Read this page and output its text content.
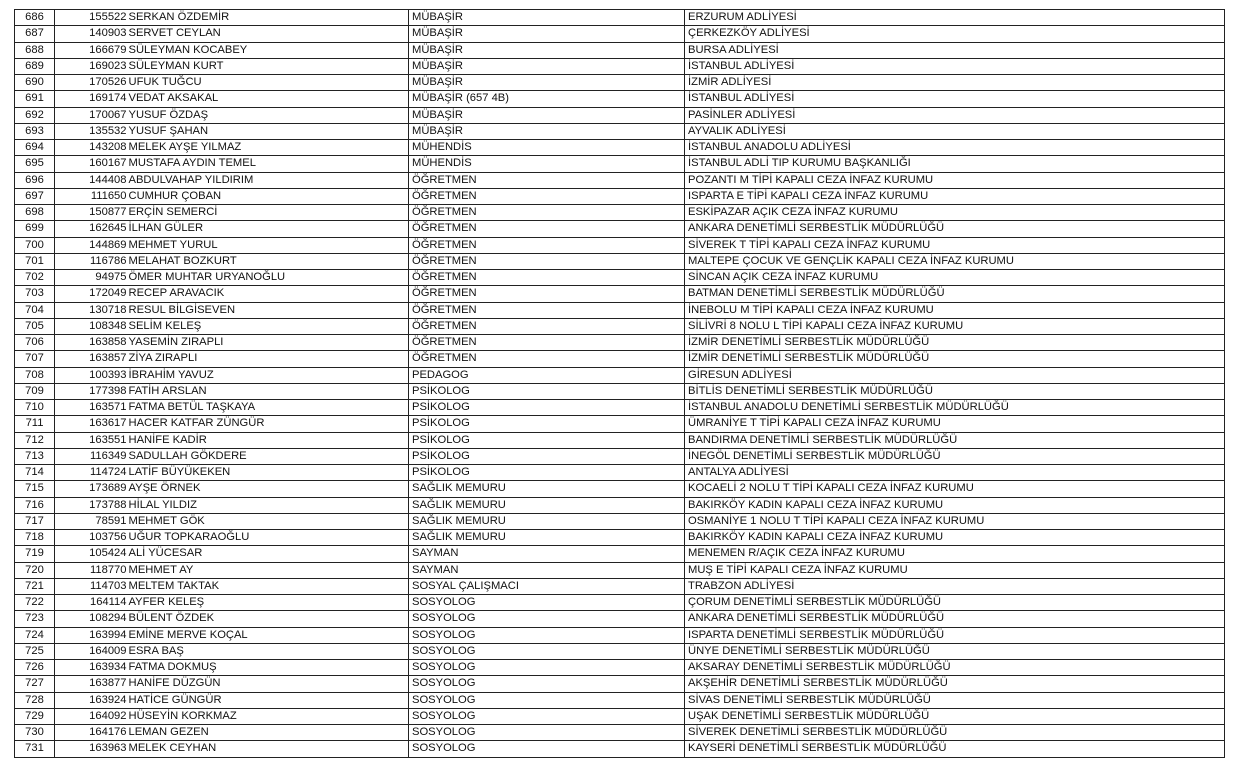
686	155522	SERKAN ÖZDEMİR	MÜBAŞİR	ERZURUM ADLİYESİ
687	140903	SERVET CEYLAN	MÜBAŞİR	ÇERKEZKÖY ADLİYESİ
688	166679	SÜLEYMAN KOCABEY	MÜBAŞİR	BURSA ADLİYESİ
689	169023	SÜLEYMAN KURT	MÜBAŞİR	İSTANBUL ADLİYESİ
690	170526	UFUK TUĞCU	MÜBAŞİR	İZMİR ADLİYESİ
691	169174	VEDAT AKSAKAL	MÜBAŞİR (657 4B)	İSTANBUL ADLİYESİ
692	170067	YUSUF ÖZDAŞ	MÜBAŞİR	PASİNLER ADLİYESİ
693	135532	YUSUF ŞAHAN	MÜBAŞİR	AYVALIK ADLİYESİ
694	143208	MELEK AYŞE YILMAZ	MÜHENDİS	İSTANBUL ANADOLU ADLİYESİ
695	160167	MUSTAFA AYDIN TEMEL	MÜHENDİS	İSTANBUL ADLİ TIP KURUMU BAŞKANLIĞI
696	144408	ABDULVAHAP YILDIRIM	ÖĞRETMEN	POZANTI M TİPİ KAPALI CEZA İNFAZ KURUMU
697	111650	CUMHUR ÇOBAN	ÖĞRETMEN	ISPARTA E TİPİ KAPALI CEZA İNFAZ KURUMU
698	150877	ERÇİN SEMERCİ	ÖĞRETMEN	ESKİPAZAR AÇIK CEZA İNFAZ KURUMU
699	162645	İLHAN GÜLER	ÖĞRETMEN	ANKARA DENETİMLİ SERBESTLİK MÜDÜRLÜĞÜ
700	144869	MEHMET YURUL	ÖĞRETMEN	SİVEREK T TİPİ KAPALI CEZA İNFAZ KURUMU
701	116786	MELAHAT BOZKURT	ÖĞRETMEN	MALTEPE ÇOCUK VE GENÇLİK KAPALI CEZA İNFAZ KURUMU
702	94975	ÖMER MUHTAR URYANOĞLU	ÖĞRETMEN	SİNCAN AÇIK CEZA İNFAZ KURUMU
703	172049	RECEP ARAVACIK	ÖĞRETMEN	BATMAN DENETİMLİ SERBESTLİK MÜDÜRLÜĞÜ
704	130718	RESUL BİLGİSEVEN	ÖĞRETMEN	İNEBOLU M TİPİ KAPALI CEZA İNFAZ KURUMU
705	108348	SELİM KELEŞ	ÖĞRETMEN	SİLİVRİ 8 NOLU L TİPİ KAPALI CEZA İNFAZ KURUMU
706	163858	YASEMİN ZIRAPLI	ÖĞRETMEN	İZMİR DENETİMLİ SERBESTLİK MÜDÜRLÜĞÜ
707	163857	ZİYA ZIRAPLI	ÖĞRETMEN	İZMİR DENETİMLİ SERBESTLİK MÜDÜRLÜĞÜ
708	100393	İBRAHİM YAVUZ	PEDAGOG	GİRESUN ADLİYESİ
709	177398	FATİH ARSLAN	PSİKOLOG	BİTLİS DENETİMLİ SERBESTLİK MÜDÜRLÜĞÜ
710	163571	FATMA BETÜL TAŞKAYA	PSİKOLOG	İSTANBUL ANADOLU DENETİMLİ SERBESTLİK MÜDÜRLÜĞÜ
711	163617	HACER KATFAR ZÜNGÜR	PSİKOLOG	ÜMRANİYE T TİPİ KAPALI CEZA İNFAZ KURUMU
712	163551	HANİFE KADİR	PSİKOLOG	BANDIRMA DENETİMLİ SERBESTLİK MÜDÜRLÜĞÜ
713	116349	SADULLAH GÖKDERE	PSİKOLOG	İNEGÖL DENETİMLİ SERBESTLİK MÜDÜRLÜĞÜ
714	114724	LATİF BÜYÜKEKEN	PSİKOLOG	ANTALYA ADLİYESİ
715	173689	AYŞE ÖRNEK	SAĞLIK MEMURU	KOCAELİ 2 NOLU T TİPİ KAPALI CEZA İNFAZ KURUMU
716	173788	HİLAL YILDIZ	SAĞLIK MEMURU	BAKIRKÖY KADIN KAPALI CEZA İNFAZ KURUMU
717	78591	MEHMET GÖK	SAĞLIK MEMURU	OSMANİYE 1 NOLU T TİPİ KAPALI CEZA İNFAZ KURUMU
718	103756	UĞUR TOPKARAOĞLU	SAĞLIK MEMURU	BAKIRKÖY KADIN KAPALI CEZA İNFAZ KURUMU
719	105424	ALİ YÜCESAR	SAYMAN	MENEMEN R/AÇIK CEZA İNFAZ KURUMU
720	118770	MEHMET AY	SAYMAN	MUŞ E TİPİ KAPALI CEZA İNFAZ KURUMU
721	114703	MELTEM TAKTAK	SOSYAL ÇALIŞMACI	TRABZON ADLİYESİ
722	164114	AYFER KELEŞ	SOSYOLOG	ÇORUM DENETİMLİ SERBESTLİK MÜDÜRLÜĞÜ
723	108294	BÜLENT ÖZDEK	SOSYOLOG	ANKARA DENETİMLİ SERBESTLİK MÜDÜRLÜĞÜ
724	163994	EMİNE MERVE KOÇAL	SOSYOLOG	ISPARTA DENETİMLİ SERBESTLİK MÜDÜRLÜĞÜ
725	164009	ESRA BAŞ	SOSYOLOG	ÜNYE DENETİMLİ SERBESTLİK MÜDÜRLÜĞÜ
726	163934	FATMA DOKMUŞ	SOSYOLOG	AKSARAY DENETİMLİ SERBESTLİK MÜDÜRLÜĞÜ
727	163877	HANİFE DÜZGÜN	SOSYOLOG	AKŞEHİR DENETİMLİ SERBESTLİK MÜDÜRLÜĞÜ
728	163924	HATİCE GÜNGÜR	SOSYOLOG	SİVAS DENETİMLİ SERBESTLİK MÜDÜRLÜĞÜ
729	164092	HÜSEYİN KORKMAZ	SOSYOLOG	UŞAK DENETİMLİ SERBESTLİK MÜDÜRLÜĞÜ
730	164176	LEMAN GEZEN	SOSYOLOG	SİVEREK DENETİMLİ SERBESTLİK MÜDÜRLÜĞÜ
731	163963	MELEK CEYHAN	SOSYOLOG	KAYSERİ DENETİMLİ SERBESTLİK MÜDÜRLÜĞÜ
